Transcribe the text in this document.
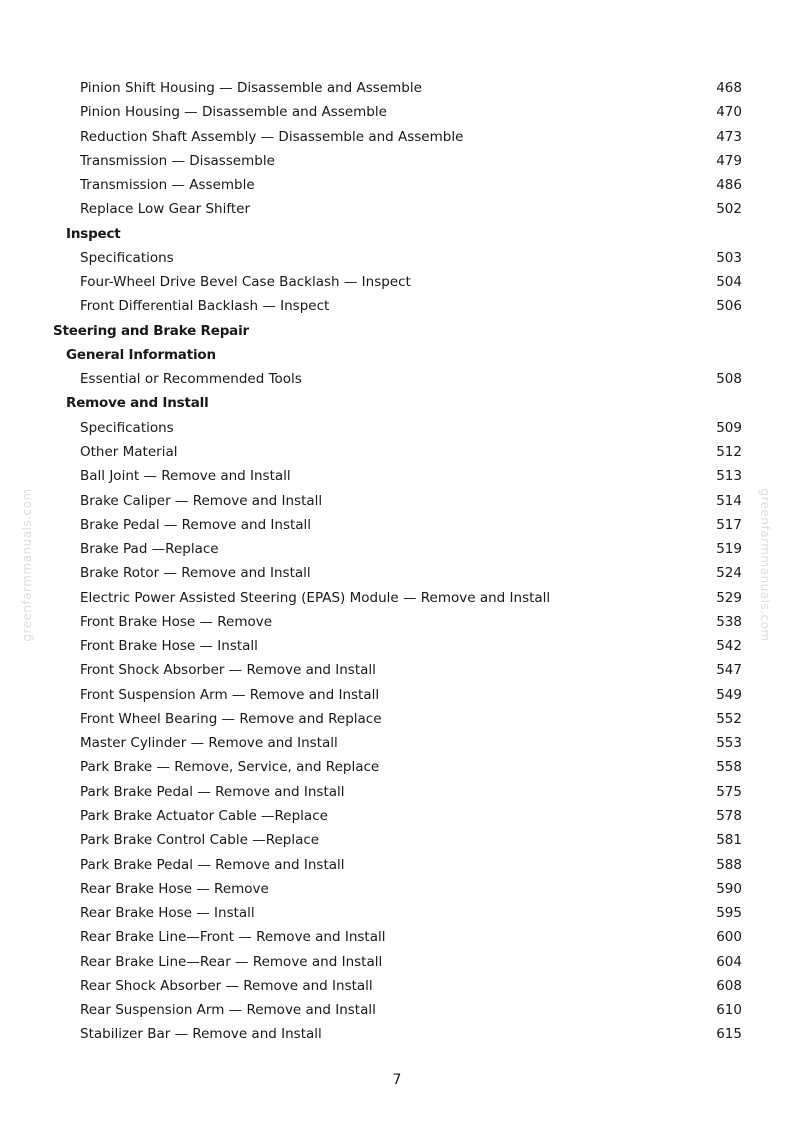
greenfarmmanuals.com	greenfarmmanuals.com
Pinion Shift Housing — Disassemble and Assemble	468
Pinion Housing — Disassemble and Assemble	470
Reduction Shaft Assembly — Disassemble and Assemble	473
Transmission — Disassemble	479
Transmission — Assemble	486
Replace Low Gear Shifter	502
Inspect
Specifications	503
Four-Wheel Drive Bevel Case Backlash — Inspect	504
Front Differential Backlash — Inspect	506
Steering and Brake Repair
General Information
Essential or Recommended Tools	508
Remove and Install
Specifications	509
Other Material	512
Ball Joint — Remove and Install	513
Brake Caliper — Remove and Install	514
Brake Pedal — Remove and Install	517
Brake Pad —Replace	519
Brake Rotor — Remove and Install	524
Electric Power Assisted Steering (EPAS) Module — Remove and Install	529
Front Brake Hose — Remove	538
Front Brake Hose — Install	542
Front Shock Absorber — Remove and Install	547
Front Suspension Arm — Remove and Install	549
Front Wheel Bearing — Remove and Replace	552
Master Cylinder — Remove and Install	553
Park Brake — Remove, Service, and Replace	558
Park Brake Pedal — Remove and Install	575
Park Brake Actuator Cable —Replace	578
Park Brake Control Cable —Replace	581
Park Brake Pedal — Remove and Install	588
Rear Brake Hose — Remove	590
Rear Brake Hose — Install	595
Rear Brake Line—Front — Remove and Install	600
Rear Brake Line—Rear — Remove and Install	604
Rear Shock Absorber — Remove and Install	608
Rear Suspension Arm — Remove and Install	610
Stabilizer Bar — Remove and Install	615
7
